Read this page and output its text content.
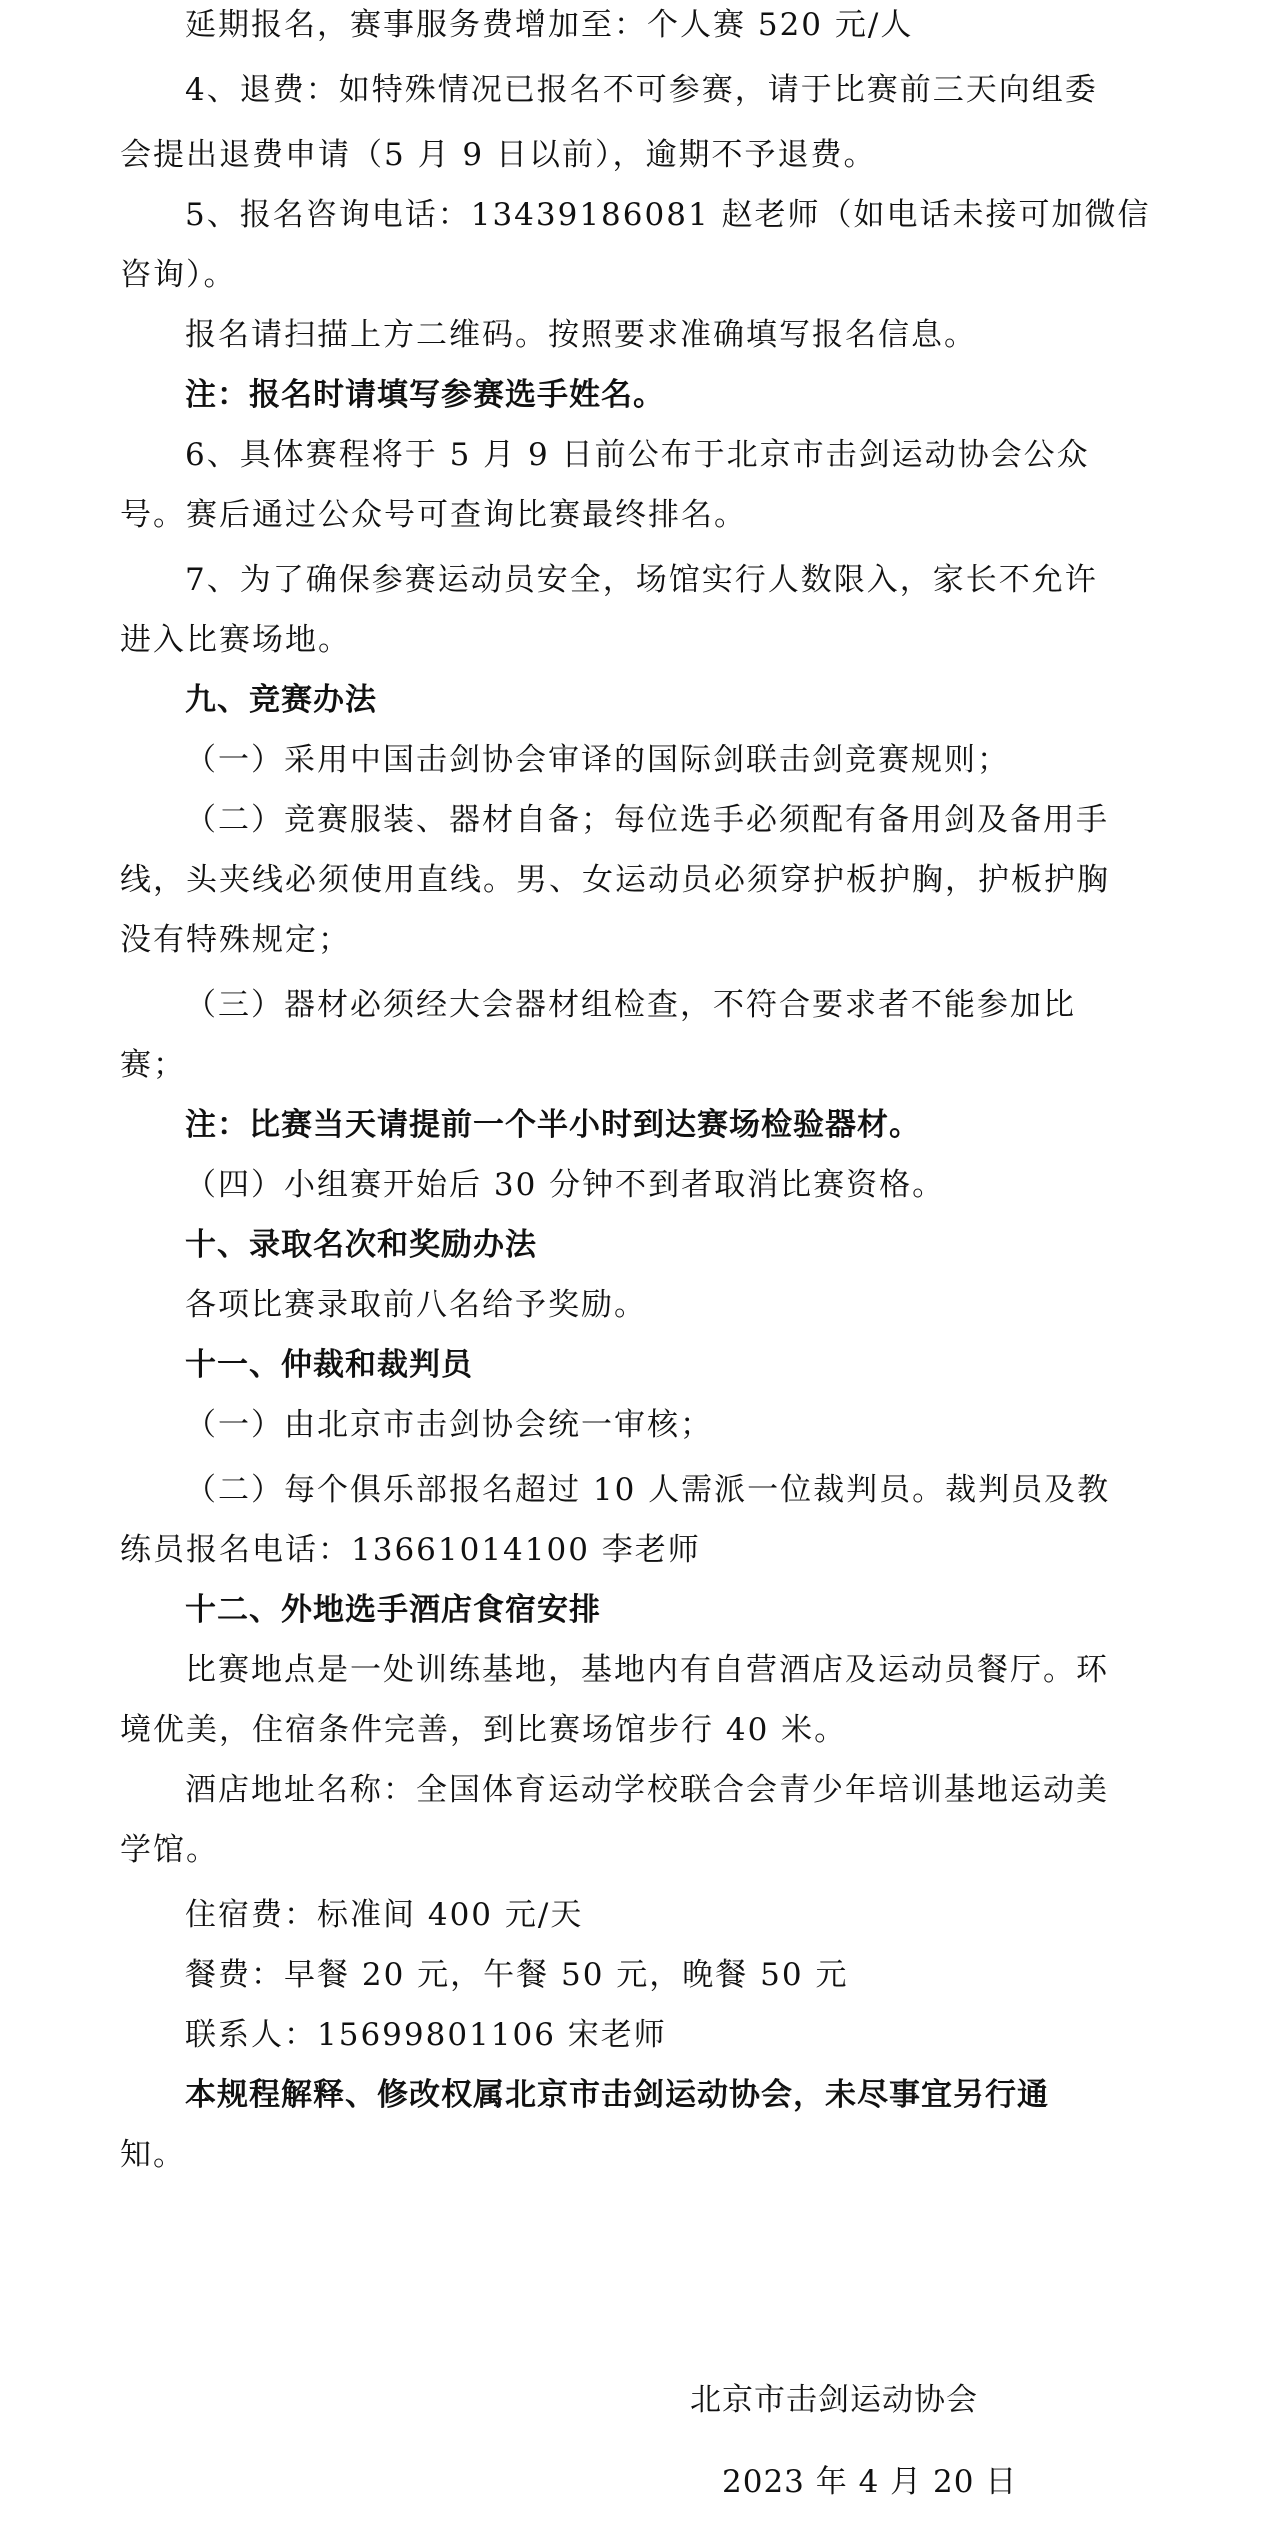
延期报名，赛事服务费增加至：个人赛 520 元/人
4、退费：如特殊情况已报名不可参赛，请于比赛前三天向组委
会提出退费申请（5 月 9 日以前），逾期不予退费。
5、报名咨询电话：13439186081 赵老师（如电话未接可加微信
咨询）。
报名请扫描上方二维码。按照要求准确填写报名信息。
注：报名时请填写参赛选手姓名。
6、具体赛程将于 5 月 9 日前公布于北京市击剑运动协会公众
号。赛后通过公众号可查询比赛最终排名。
7、为了确保参赛运动员安全，场馆实行人数限入，家长不允许
进入比赛场地。
九、竞赛办法
（一）采用中国击剑协会审译的国际剑联击剑竞赛规则；
（二）竞赛服装、器材自备；每位选手必须配有备用剑及备用手
线，头夹线必须使用直线。男、女运动员必须穿护板护胸，护板护胸
没有特殊规定；
（三）器材必须经大会器材组检查，不符合要求者不能参加比
赛；
注：比赛当天请提前一个半小时到达赛场检验器材。
（四）小组赛开始后 30 分钟不到者取消比赛资格。
十、录取名次和奖励办法
各项比赛录取前八名给予奖励。
十一、仲裁和裁判员
（一）由北京市击剑协会统一审核；
（二）每个俱乐部报名超过 10 人需派一位裁判员。裁判员及教
练员报名电话：13661014100 李老师
十二、外地选手酒店食宿安排
比赛地点是一处训练基地，基地内有自营酒店及运动员餐厅。环
境优美，住宿条件完善，到比赛场馆步行 40 米。
酒店地址名称：全国体育运动学校联合会青少年培训基地运动美
学馆。
住宿费：标准间 400 元/天
餐费：早餐 20 元，午餐 50 元，晚餐 50 元
联系人：15699801106 宋老师
本规程解释、修改权属北京市击剑运动协会，未尽事宜另行通
知。
北京市击剑运动协会
2023 年 4 月 20 日
